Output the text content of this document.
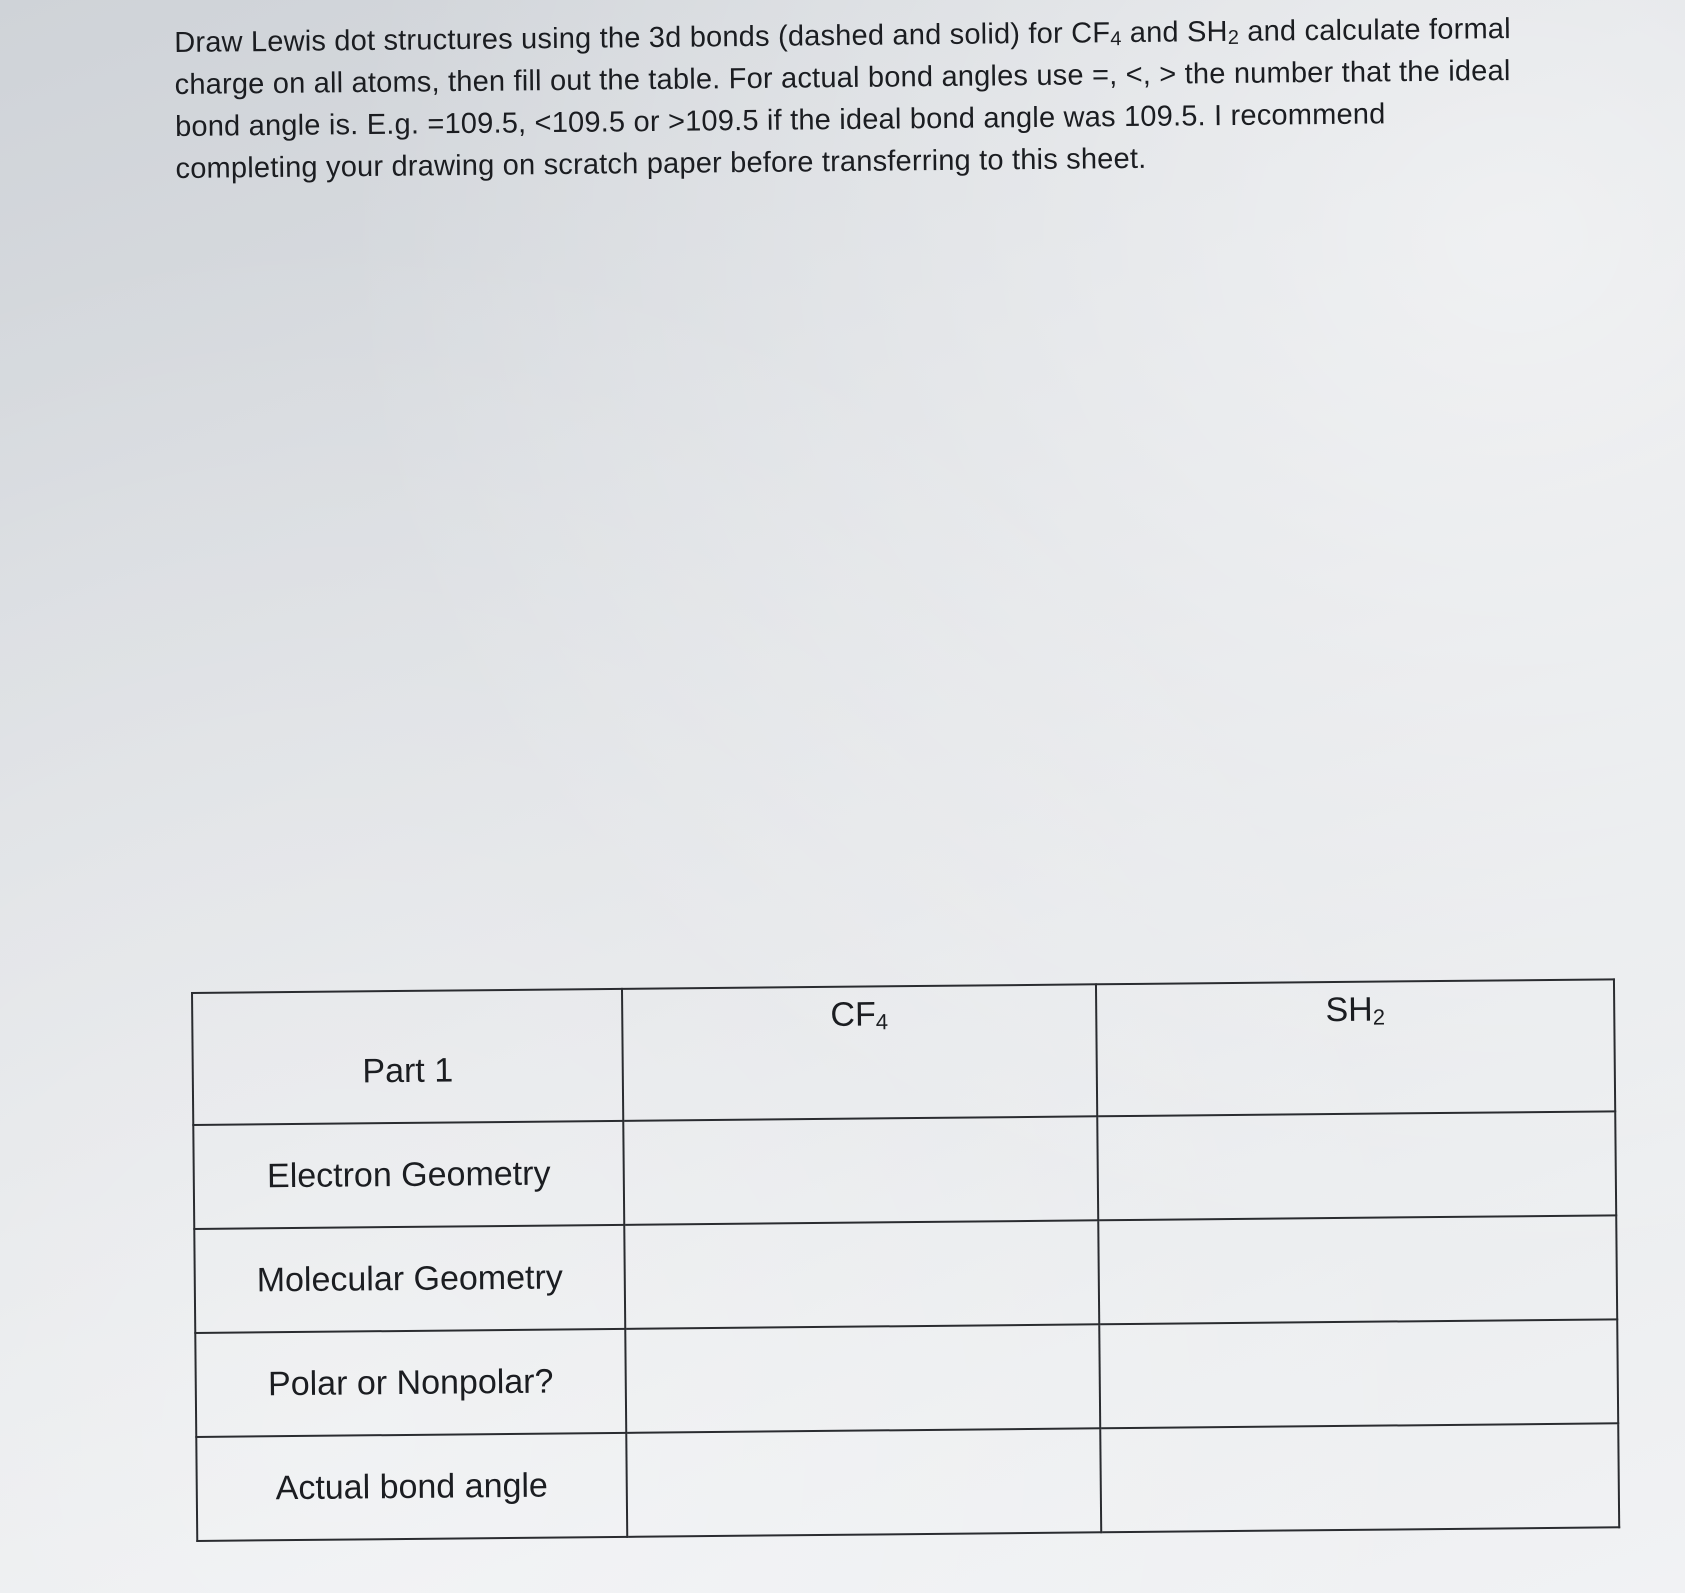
Draw Lewis dot structures using the 3d bonds (dashed and solid) for $CF_4$ and $SH_2$ and calculate formal charge on all atoms, then fill out the table. For actual bond angles use =, <, > the number that the ideal bond angle is. E.g. =109.5, <109.5 or >109.5 if the ideal bond angle was 109.5. I recommend completing your drawing on scratch paper before transferring to this sheet.

Part 1	$CF_4$	$SH_2$
Electron Geometry		
Molecular Geometry		
Polar or Nonpolar?		
Actual bond angle		
